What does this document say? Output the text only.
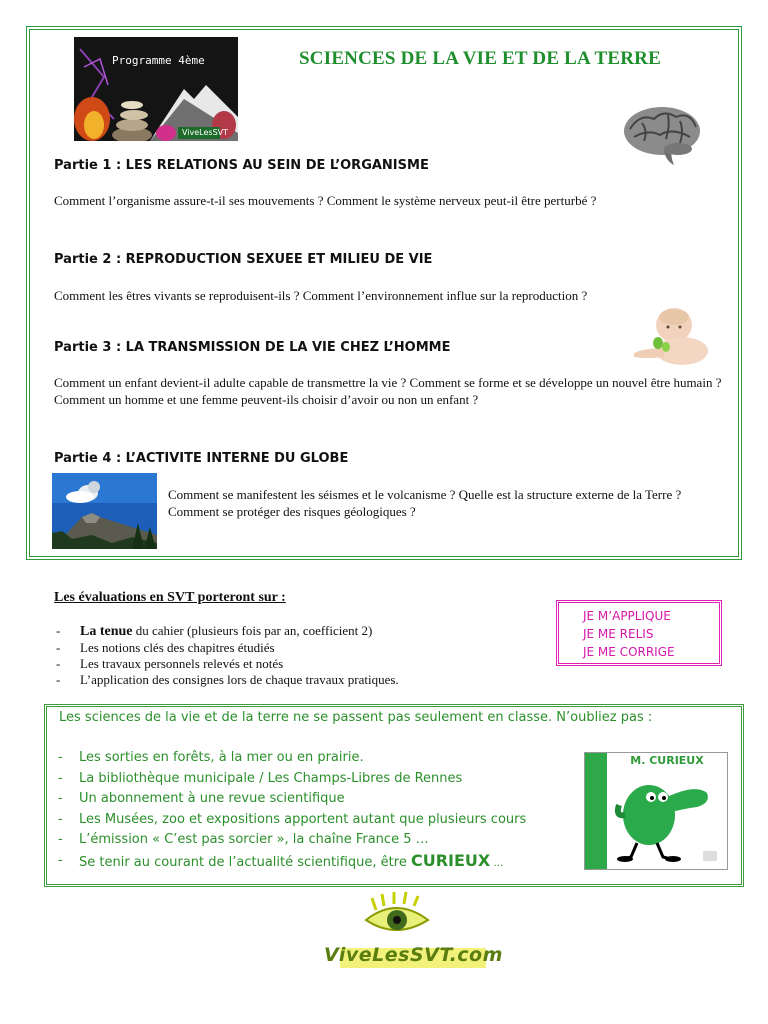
Programme 4ème
ViveLesSVT
SCIENCES DE LA VIE ET DE LA TERRE
Partie 1 : LES RELATIONS AU SEIN DE L’ORGANISME
Comment l’organisme assure-t-il ses mouvements ? Comment le système nerveux peut-il être perturbé ?
Partie 2 : REPRODUCTION SEXUEE ET MILIEU DE VIE
Comment les êtres vivants se reproduisent-ils ? Comment l’environnement influe sur la reproduction ?
Partie 3 : LA TRANSMISSION DE LA VIE CHEZ L’HOMME
Comment un enfant devient-il adulte capable de transmettre la vie ? Comment se forme et se développe un nouvel être humain ? Comment un homme et une femme peuvent-ils choisir d’avoir ou non un enfant ?
Partie 4 : L’ACTIVITE INTERNE DU GLOBE
Comment se manifestent les séismes et le volcanisme ? Quelle est la structure externe de la Terre ? Comment se protéger des risques géologiques ?
Les évaluations en SVT porteront sur :
-	La tenue du cahier (plusieurs fois par an, coefficient 2)
-	Les notions clés des chapitres étudiés
-	Les travaux personnels relevés et notés
-	L’application des consignes lors de chaque travaux pratiques.
JE M’APPLIQUE
JE ME RELIS
JE ME CORRIGE
Les sciences de la vie et de la terre ne se passent pas seulement en classe. N’oubliez pas :
-	Les sorties en forêts, à la mer ou en prairie.
-	La bibliothèque municipale / Les Champs-Libres de Rennes
-	Un abonnement à une revue scientifique
-	Les Musées, zoo et expositions apportent autant que plusieurs cours
-	L’émission « C’est pas sorcier », la chaîne France 5 …
-	Se tenir au courant de l’actualité scientifique, être CURIEUX …
M. CURIEUX
ViveLesSVT.com
